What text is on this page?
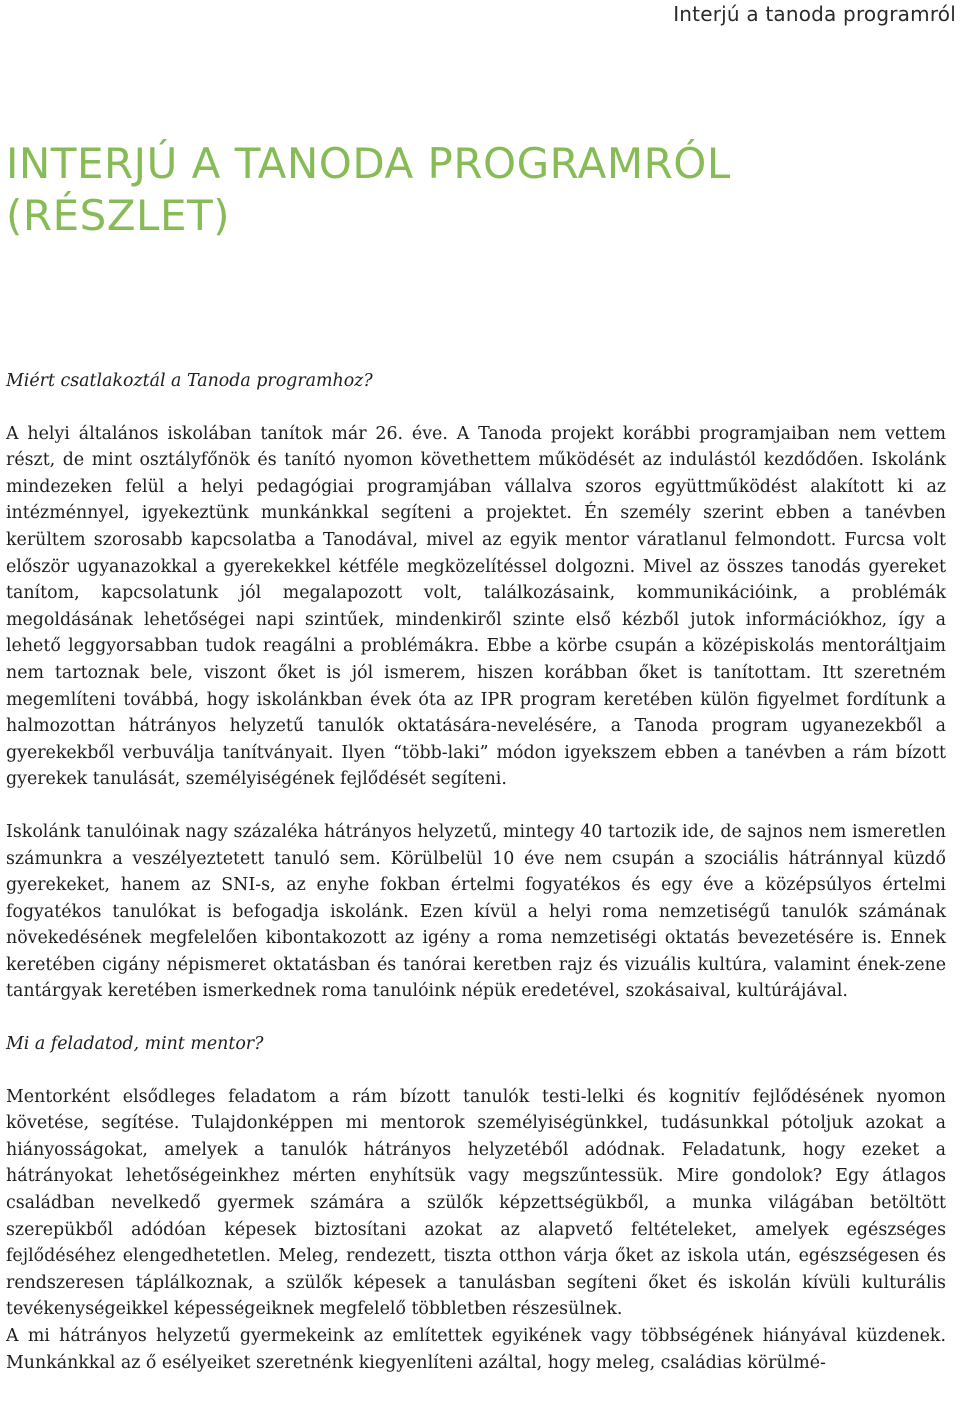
Interjú a tanoda programról
INTERJÚ A TANODA PROGRAMRÓL
(RÉSZLET)

Miért csatlakoztál a Tanoda programhoz?

A helyi általános iskolában tanítok már 26. éve. A Tanoda projekt korábbi programjaiban nem vettem részt, de mint osztályfőnök és tanító nyomon követhettem működését az indulástól kezdődően. Iskolánk mindezeken felül a helyi pedagógiai programjában vállalva szoros együttműködést alakított ki az intézménnyel, igyekeztünk munkánkkal segíteni a projektet. Én személy szerint ebben a tanévben kerültem szorosabb kapcsolatba a Tanodával, mivel az egyik mentor váratlanul felmondott. Furcsa volt először ugyanazokkal a gyerekekkel kétféle megközelítéssel dolgozni. Mivel az összes tanodás gyereket tanítom, kapcsolatunk jól megalapozott volt, találkozásaink, kommunikációink, a problémák megoldásának lehetőségei napi szintűek, mindenkiről szinte első kézből jutok információkhoz, így a lehető leggyorsabban tudok reagálni a problémákra. Ebbe a körbe csupán a középiskolás mentoráltjaim nem tartoznak bele, viszont őket is jól ismerem, hiszen korábban őket is tanítottam. Itt szeretném megemlíteni továbbá, hogy iskolánkban évek óta az IPR program keretében külön figyelmet fordítunk a halmozottan hátrányos helyzetű tanulók oktatására-nevelésére, a Tanoda program ugyanezekből a gyerekekből verbuválja tanítványait. Ilyen “több-laki” módon igyekszem ebben a tanévben a rám bízott gyerekek tanulását, személyiségének fejlődését segíteni.

Iskolánk tanulóinak nagy százaléka hátrányos helyzetű, mintegy 40 tartozik ide, de sajnos nem ismeretlen számunkra a veszélyeztetett tanuló sem. Körülbelül 10 éve nem csupán a szociális hátránnyal küzdő gyerekeket, hanem az SNI-s, az enyhe fokban értelmi fogyatékos és egy éve a középsúlyos értelmi fogyatékos tanulókat is befogadja iskolánk. Ezen kívül a helyi roma nemzetiségű tanulók számának növekedésének megfelelően kibontakozott az igény a roma nemzetiségi oktatás bevezetésére is. Ennek keretében cigány népismeret oktatásban és tanórai keretben rajz és vizuális kultúra, valamint ének-zene tantárgyak keretében ismerkednek roma tanulóink népük eredetével, szokásaival, kultúrájával.

Mi a feladatod, mint mentor?

Mentorként elsődleges feladatom a rám bízott tanulók testi-lelki és kognitív fejlődésének nyomon követése, segítése. Tulajdonképpen mi mentorok személyiségünkkel, tudásunkkal pótoljuk azokat a hiányosságokat, amelyek a tanulók hátrányos helyzetéből adódnak. Feladatunk, hogy ezeket a hátrányokat lehetőségeinkhez mérten enyhítsük vagy megszűntessük. Mire gondolok? Egy átlagos családban nevelkedő gyermek számára a szülők képzettségükből, a munka világában betöltött szerepükből adódóan képesek biztosítani azokat az alapvető feltételeket, amelyek egészséges fejlődéséhez elengedhetetlen. Meleg, rendezett, tiszta otthon várja őket az iskola után, egészségesen és rendszeresen táplálkoznak, a szülők képesek a tanulásban segíteni őket és iskolán kívüli kulturális tevékenységeikkel képességeiknek megfelelő többletben részesülnek.

A mi hátrányos helyzetű gyermekeink az említettek egyikének vagy többségének hiányával küzdenek. Munkánkkal az ő esélyeiket szeretnénk kiegyenlíteni azáltal, hogy meleg, családias körülmé-
